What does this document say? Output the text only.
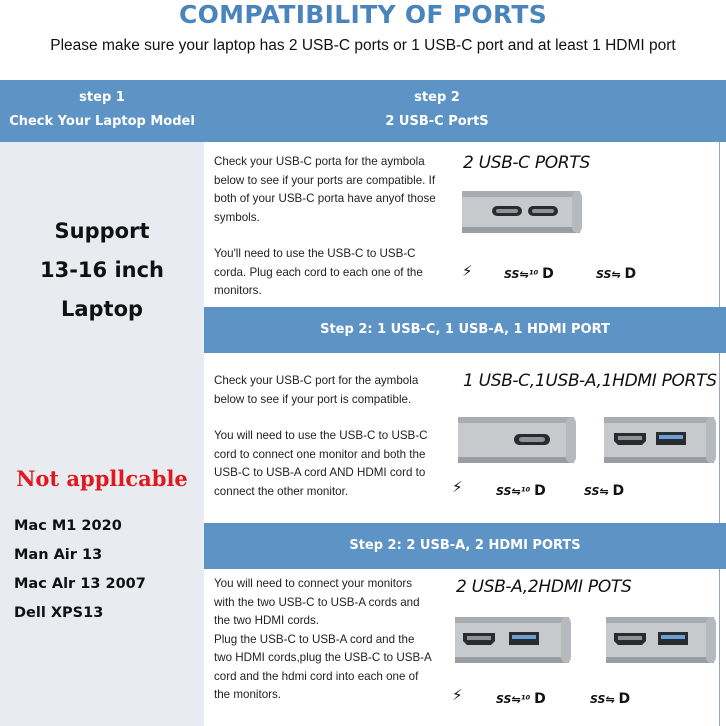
COMPATIBILITY OF PORTS
Please make sure your laptop has 2 USB-C ports or 1 USB-C port and at least 1 HDMI port
step 1
Check Your Laptop Model
step 2
2 USB-C PortS
Support
13-16 inch
Laptop
Not appllcable
Mac M1 2020
Man Air 13
Mac Alr 13 2007
Dell XPS13
Check your USB-C porta for the aymbola
below to see if your ports are compatible. If
both of your USB-C porta have anyof those
symbols.
You'll need to use the USB-C to USB-C
corda. Plug each cord to each one of the
monitors.
2 USB-C PORTS
⚡	SS⇋¹⁰ D	SS⇋ D
Step 2: 1 USB-C, 1 USB-A, 1 HDMI PORT
Check your USB-C port for the aymbola
below to see if your port is compatible.
You will need to use the USB-C to USB-C
cord to connect one monitor and both the
USB-C to USB-A cord AND HDMI cord to
connect the other monitor.
1 USB-C,1USB-A,1HDMI PORTS
⚡	SS⇋¹⁰ D	SS⇋ D
Step 2: 2 USB-A, 2 HDMI PORTS
You will need to connect your monitors
with the two USB-C to USB-A cords and
the two HDMI cords.
Plug the USB-C to USB-A cord and the
two HDMI cords,plug the USB-C to USB-A
cord and the hdmi cord into each one of
the monitors.
2 USB-A,2HDMI POTS
⚡	SS⇋¹⁰ D	SS⇋ D
